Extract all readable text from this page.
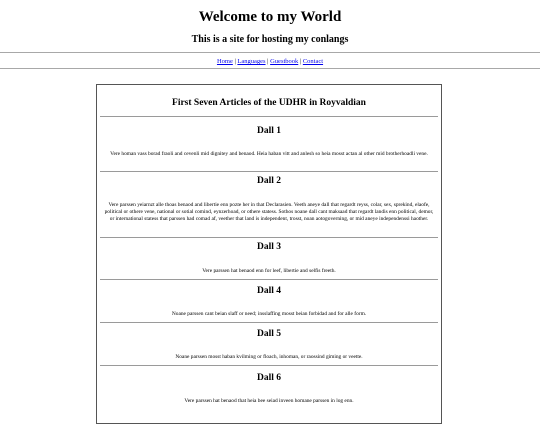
Welcome to my World
This is a site for hosting my conlangs
Home | Languages | Guestbook | Contact
First Seven Articles of the UDHR in Royvaldian
Dall 1
Vere homan vass borad fraoli and cevenli mid dignitey and benaod. Heia haban vitt and anlesh so heia mosst actan al other mid brotherhoadli vene.
Dall 2
Vere parssen yeiarnzt alle thoas benaod and libertie enn pozte her in that Declarasien. Veeth aneye dall that regardt reyss, colar, sex, sprekind, elaofe, political or othere vene, national or sotial comind, eynzerhoad, or othere statess. Sothos noane dall cant maksaad that regardt landis enn political, demor, or international statess that parssen had comad af, veether that land is independent, trosst, noan aotogoverning, or mid aneye independenssi haother.
Dall 3
Vere parssen hat benaod enn for leef, libertie and selfis freeth.
Dall 4
Noane parssen cant beian slaff or need; insslaffing mosst beian forbidad and for alle form.
Dall 5
Noane parssen mosst haban kvilming or floach, inhoman, or raossind giming or veette.
Dall 6
Vere parssen hat benaod that heia bee seiad inveen homane parssen in log enn.
